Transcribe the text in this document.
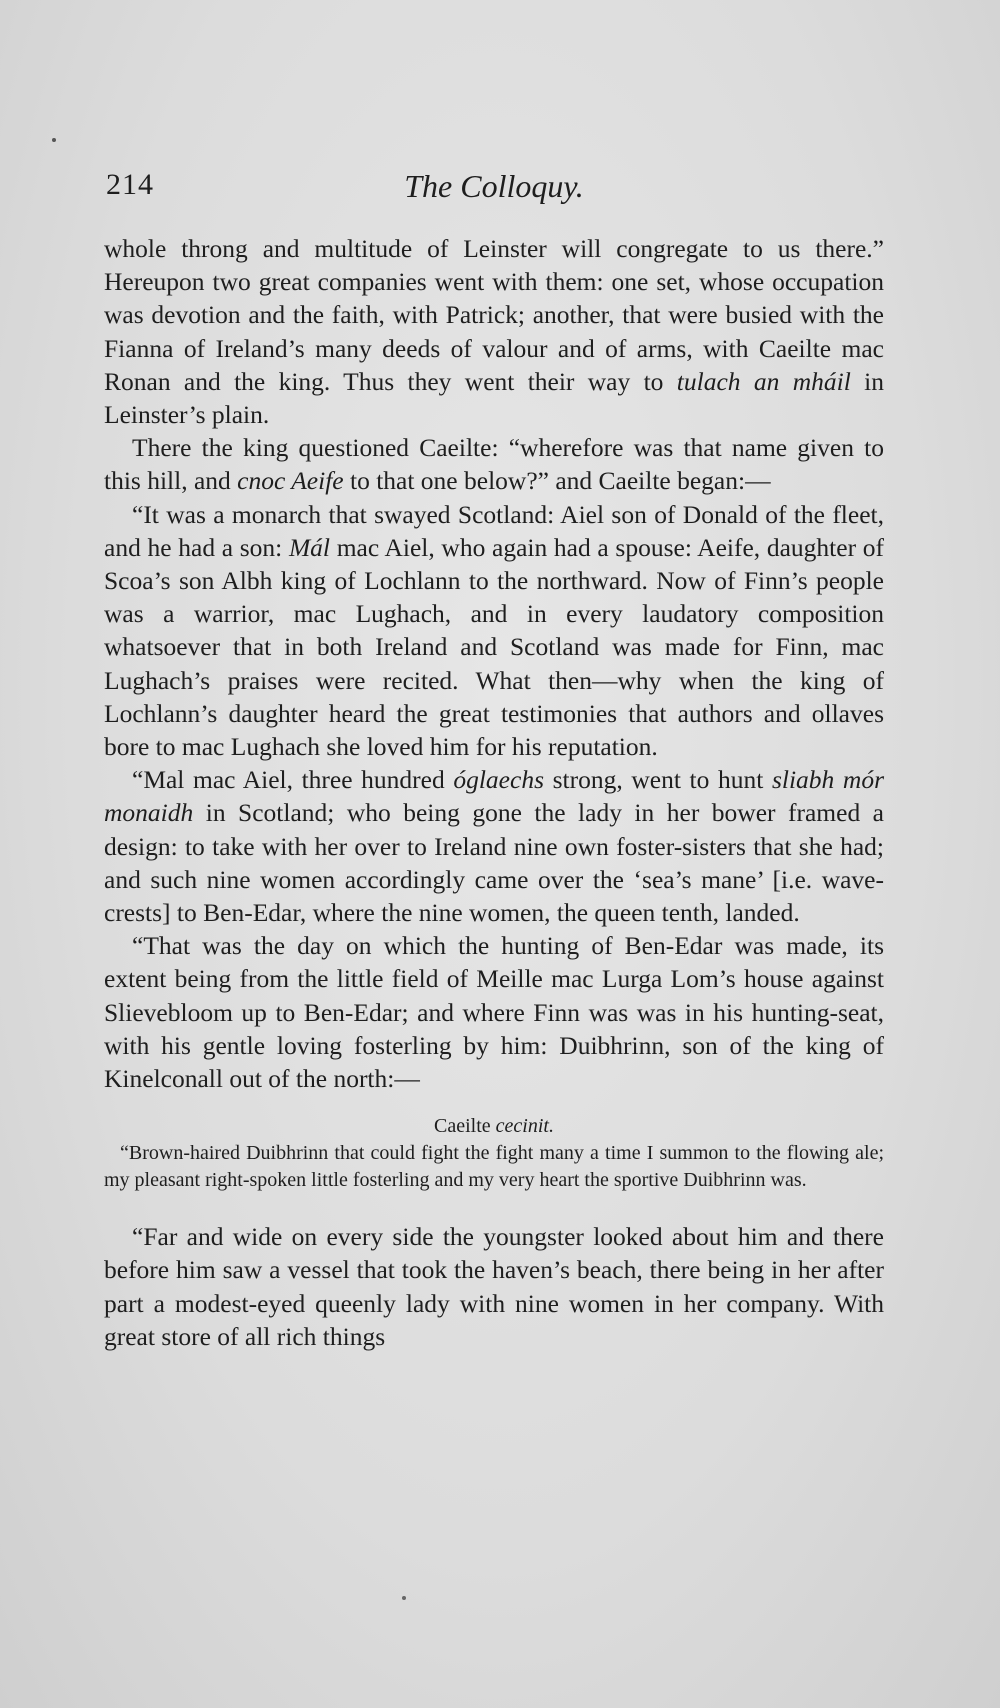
214	The Colloquy.

whole throng and multitude of Leinster will congregate to us there.” Hereupon two great companies went with them: one set, whose occupation was devotion and the faith, with Patrick; another, that were busied with the Fianna of Ireland’s many deeds of valour and of arms, with Caeilte mac Ronan and the king. Thus they went their way to tulach an mháil in Leinster’s plain.

There the king questioned Caeilte: “wherefore was that name given to this hill, and cnoc Aeife to that one below?” and Caeilte began:—

“It was a monarch that swayed Scotland: Aiel son of Donald of the fleet, and he had a son: Mál mac Aiel, who again had a spouse: Aeife, daughter of Scoa’s son Albh king of Lochlann to the northward. Now of Finn’s people was a warrior, mac Lughach, and in every laudatory composition whatsoever that in both Ireland and Scotland was made for Finn, mac Lughach’s praises were recited. What then—why when the king of Lochlann’s daughter heard the great testimonies that authors and ollaves bore to mac Lughach she loved him for his reputation.

“Mal mac Aiel, three hundred óglaechs strong, went to hunt sliabh mór monaidh in Scotland; who being gone the lady in her bower framed a design: to take with her over to Ireland nine own foster-sisters that she had; and such nine women accordingly came over the ‘sea’s mane’ [i.e. wave-crests] to Ben-Edar, where the nine women, the queen tenth, landed.

“That was the day on which the hunting of Ben-Edar was made, its extent being from the little field of Meille mac Lurga Lom’s house against Slievebloom up to Ben-Edar; and where Finn was was in his hunting-seat, with his gentle loving fosterling by him: Duibhrinn, son of the king of Kinelconall out of the north:—

Caeilte cecinit.
“Brown-haired Duibhrinn that could fight the fight many a time I summon to the flowing ale; my pleasant right-spoken little fosterling and my very heart the sportive Duibhrinn was.

“Far and wide on every side the youngster looked about him and there before him saw a vessel that took the haven’s beach, there being in her after part a modest-eyed queenly lady with nine women in her company. With great store of all rich things
